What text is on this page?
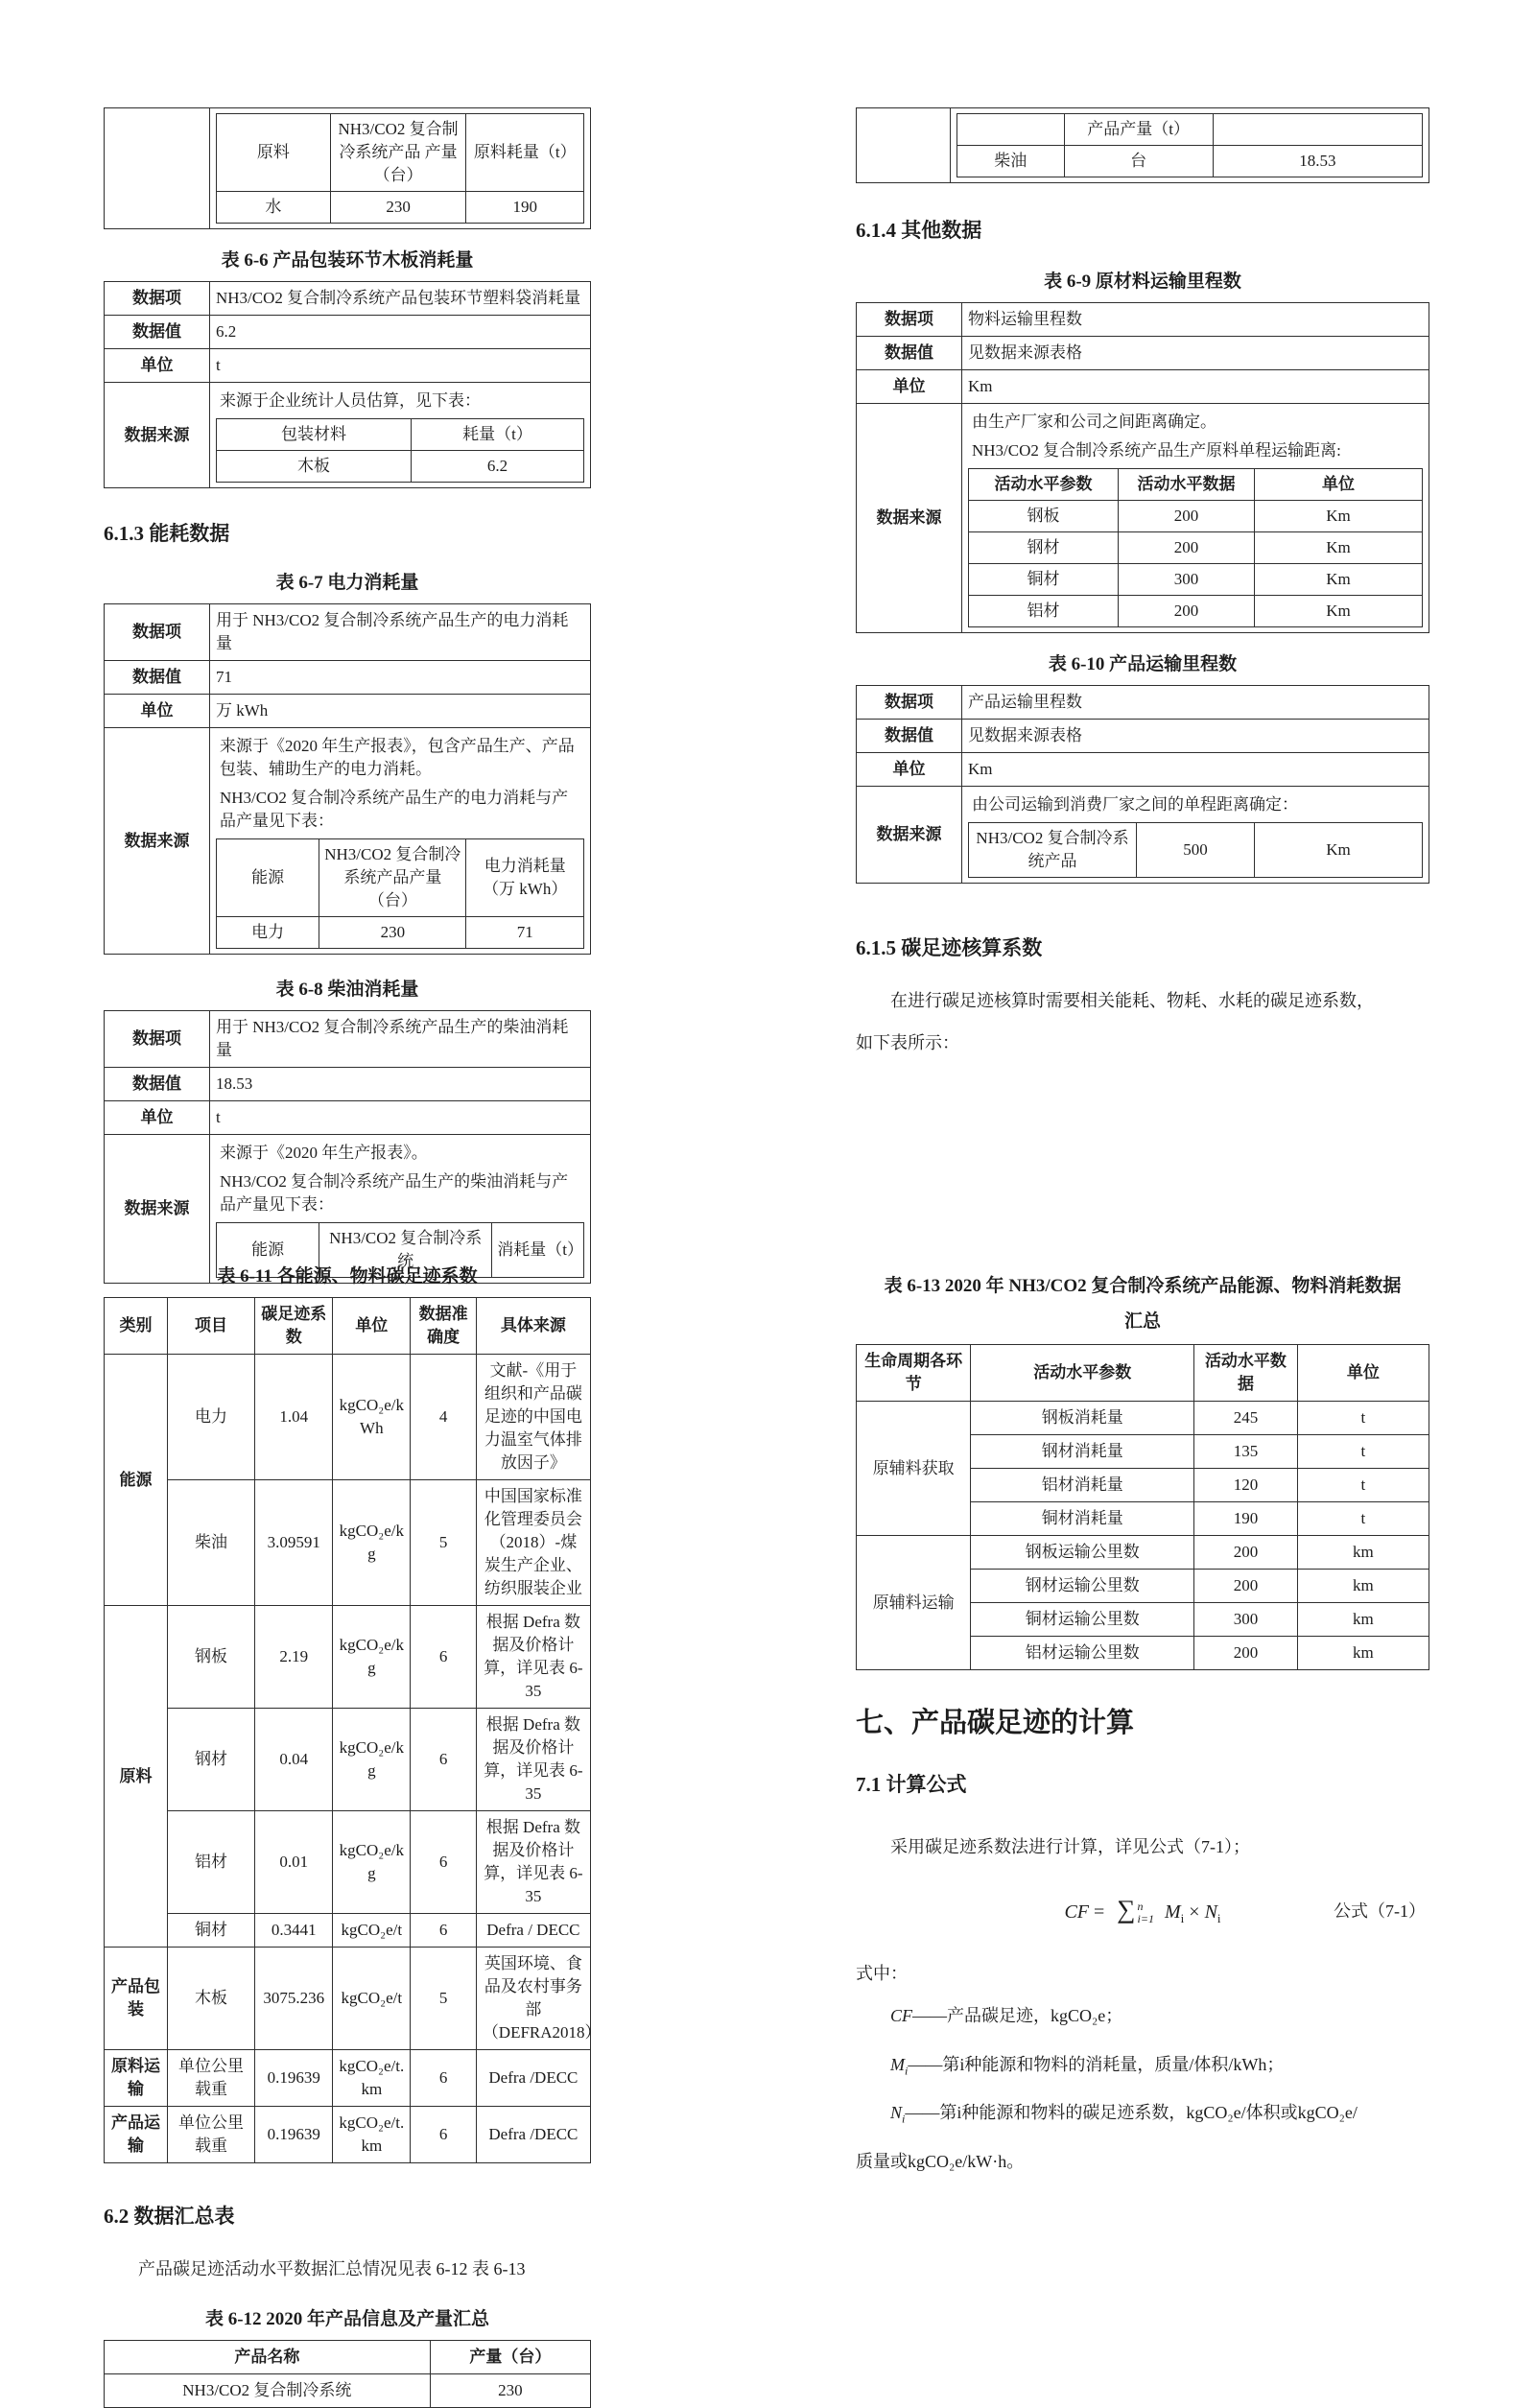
原料	NH3/CO2 复合制冷系统产品 产量（台）	原料耗量（t）
水	230	190
表 6-6 产品包装环节木板消耗量
数据项	NH3/CO2 复合制冷系统产品包装环节塑料袋消耗量
数据值	6.2
单位	t
数据来源	
来源于企业统计人员估算，见下表：
包装材料	耗量（t）
木板	6.2
6.1.3 能耗数据
表 6-7 电力消耗量
数据项	用于 NH3/CO2 复合制冷系统产品生产的电力消耗量
数据值	71
单位	万 kWh
数据来源	
来源于《2020 年生产报表》，包含产品生产、产品包装、辅助生产的电力消耗。
NH3/CO2 复合制冷系统产品生产的电力消耗与产品产量见下表：
能源	NH3/CO2 复合制冷系统产品产量（台）	电力消耗量（万 kWh）
电力	230	71
表 6-8 柴油消耗量
数据项	用于 NH3/CO2 复合制冷系统产品生产的柴油消耗量
数据值	18.53
单位	t
数据来源	
来源于《2020 年生产报表》。
NH3/CO2 复合制冷系统产品生产的柴油消耗与产品产量见下表：
能源	NH3/CO2 复合制冷系统	消耗量（t）

	产品产量（t）	
柴油	台	18.53
6.1.4 其他数据
表 6-9 原材料运输里程数
数据项	物料运输里程数
数据值	见数据来源表格
单位	Km
数据来源	
由生产厂家和公司之间距离确定。
NH3/CO2 复合制冷系统产品生产原料单程运输距离:
活动水平参数	活动水平数据	单位
钢板	200	Km
钢材	200	Km
铜材	300	Km
铝材	200	Km
表 6-10 产品运输里程数
数据项	产品运输里程数
数据值	见数据来源表格
单位	Km
数据来源	
由公司运输到消费厂家之间的单程距离确定：
NH3/CO2 复合制冷系统产品	500	Km
6.1.5 碳足迹核算系数
在进行碳足迹核算时需要相关能耗、物耗、水耗的碳足迹系数，
如下表所示：
表 6-11 各能源、物料碳足迹系数
类别	项目	碳足迹系数	单位	数据准确度	具体来源
能源	电力	1.04	kgCO₂e/kWh	4	文献-《用于组织和产品碳足迹的中国电力温室气体排放因子》
	柴油	3.09591	kgCO₂e/kg	5	中国国家标准化管理委员会（2018）-煤炭生产企业、纺织服装企业
原料	钢板	2.19	kgCO₂e/kg	6	根据 Defra 数据及价格计算，详见表 6-35
	钢材	0.04	kgCO₂e/kg	6	根据 Defra 数据及价格计算，详见表 6-35
	铝材	0.01	kgCO₂e/kg	6	根据 Defra 数据及价格计算，详见表 6-35
	铜材	0.3441	kgCO₂e/t	6	Defra / DECC
产品包装	木板	3075.236	kgCO₂e/t	5	英国环境、食品及农村事务部（DEFRA2018）
原料运输	单位公里载重	0.19639	kgCO₂e/t.km	6	Defra /DECC
产品运输	单位公里载重	0.19639	kgCO₂e/t.km	6	Defra /DECC
6.2 数据汇总表
产品碳足迹活动水平数据汇总情况见表 6-12 表 6-13
表 6-12 2020 年产品信息及产量汇总
产品名称	产量（台）
NH3/CO2 复合制冷系统	230
表 6-13 2020 年 NH3/CO2 复合制冷系统产品能源、物料消耗数据
汇总
生命周期各环节	活动水平参数	活动水平数据	单位
原辅料获取	钢板消耗量	245	t
	钢材消耗量	135	t
	铝材消耗量	120	t
	铜材消耗量	190	t
原辅料运输	钢板运输公里数	200	km
	钢材运输公里数	200	km
	铜材运输公里数	300	km
	铝材运输公里数	200	km
七、产品碳足迹的计算
7.1 计算公式
采用碳足迹系数法进行计算，详见公式（7-1）；
CF = ∑ n
i=1 $M_i \times N_i$	公式（7-1）
式中：
CF——产品碳足迹，kgCO₂e；
$M_i——$第i种能源和物料的消耗量，质量/体积/kWh；
$N_i——$第i种能源和物料的碳足迹系数，kgCO₂e/体积或kgCO₂e/
质量或kgCO₂e/kW·h。
